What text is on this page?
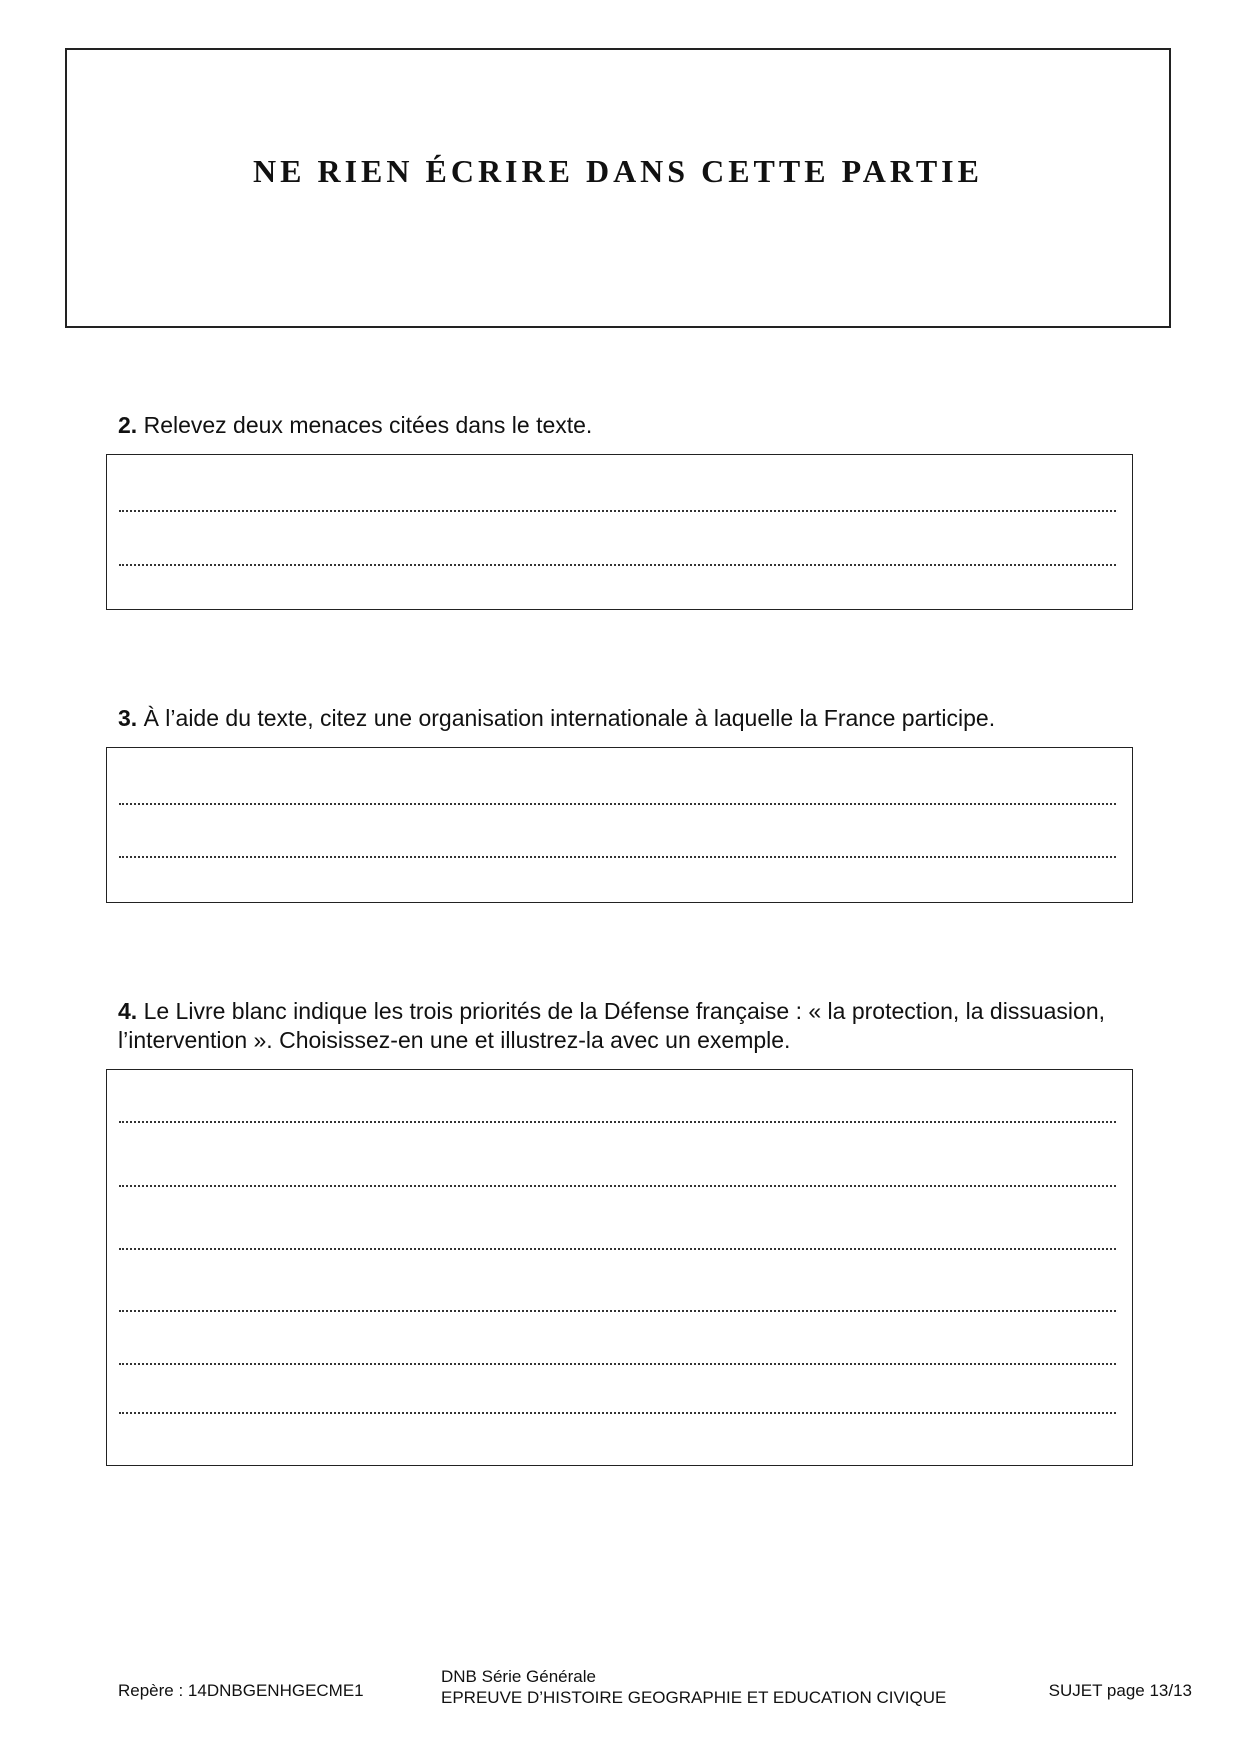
NE RIEN ÉCRIRE DANS CETTE PARTIE
2. Relevez deux menaces citées dans le texte.
3. À l’aide du texte, citez une organisation internationale à laquelle la France participe.
4. Le Livre blanc indique les trois priorités de la Défense française : « la protection, la dissuasion, l’intervention ». Choisissez-en une et illustrez-la avec un exemple.
Repère : 14DNBGENHGECME1
DNB Série Générale
EPREUVE D’HISTOIRE GEOGRAPHIE ET EDUCATION CIVIQUE	SUJET page 13/13
